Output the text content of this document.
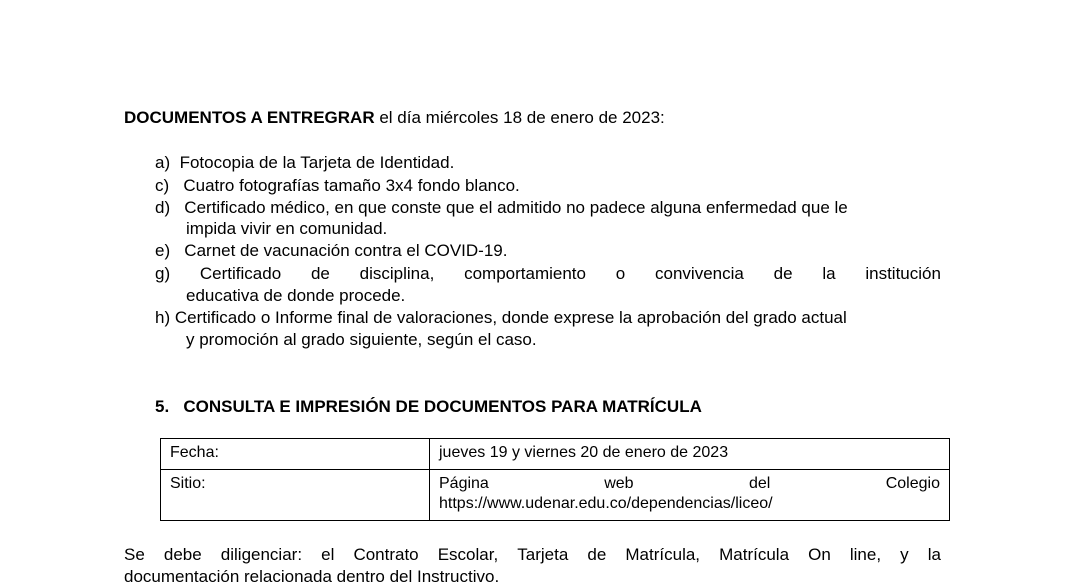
DOCUMENTOS A ENTREGRAR el día miércoles 18 de enero de 2023:
a) Fotocopia de la Tarjeta de Identidad.
c) Cuatro fotografías tamaño 3x4 fondo blanco.
d) Certificado médico, en que conste que el admitido no padece alguna enfermedad que le
impida vivir en comunidad.
e) Carnet de vacunación contra el COVID-19.
g) Certificado de disciplina, comportamiento o convivencia de la institución
educativa de donde procede.
h) Certificado o Informe final de valoraciones, donde exprese la aprobación del grado actual
y promoción al grado siguiente, según el caso.
5. CONSULTA E IMPRESIÓN DE DOCUMENTOS PARA MATRÍCULA
Fecha:	jueves 19 y viernes 20 de enero de 2023
Sitio:	Página web del Colegio
https://www.udenar.edu.co/dependencias/liceo/
Se debe diligenciar: el Contrato Escolar, Tarjeta de Matrícula, Matrícula On line, y la
documentación relacionada dentro del Instructivo.
